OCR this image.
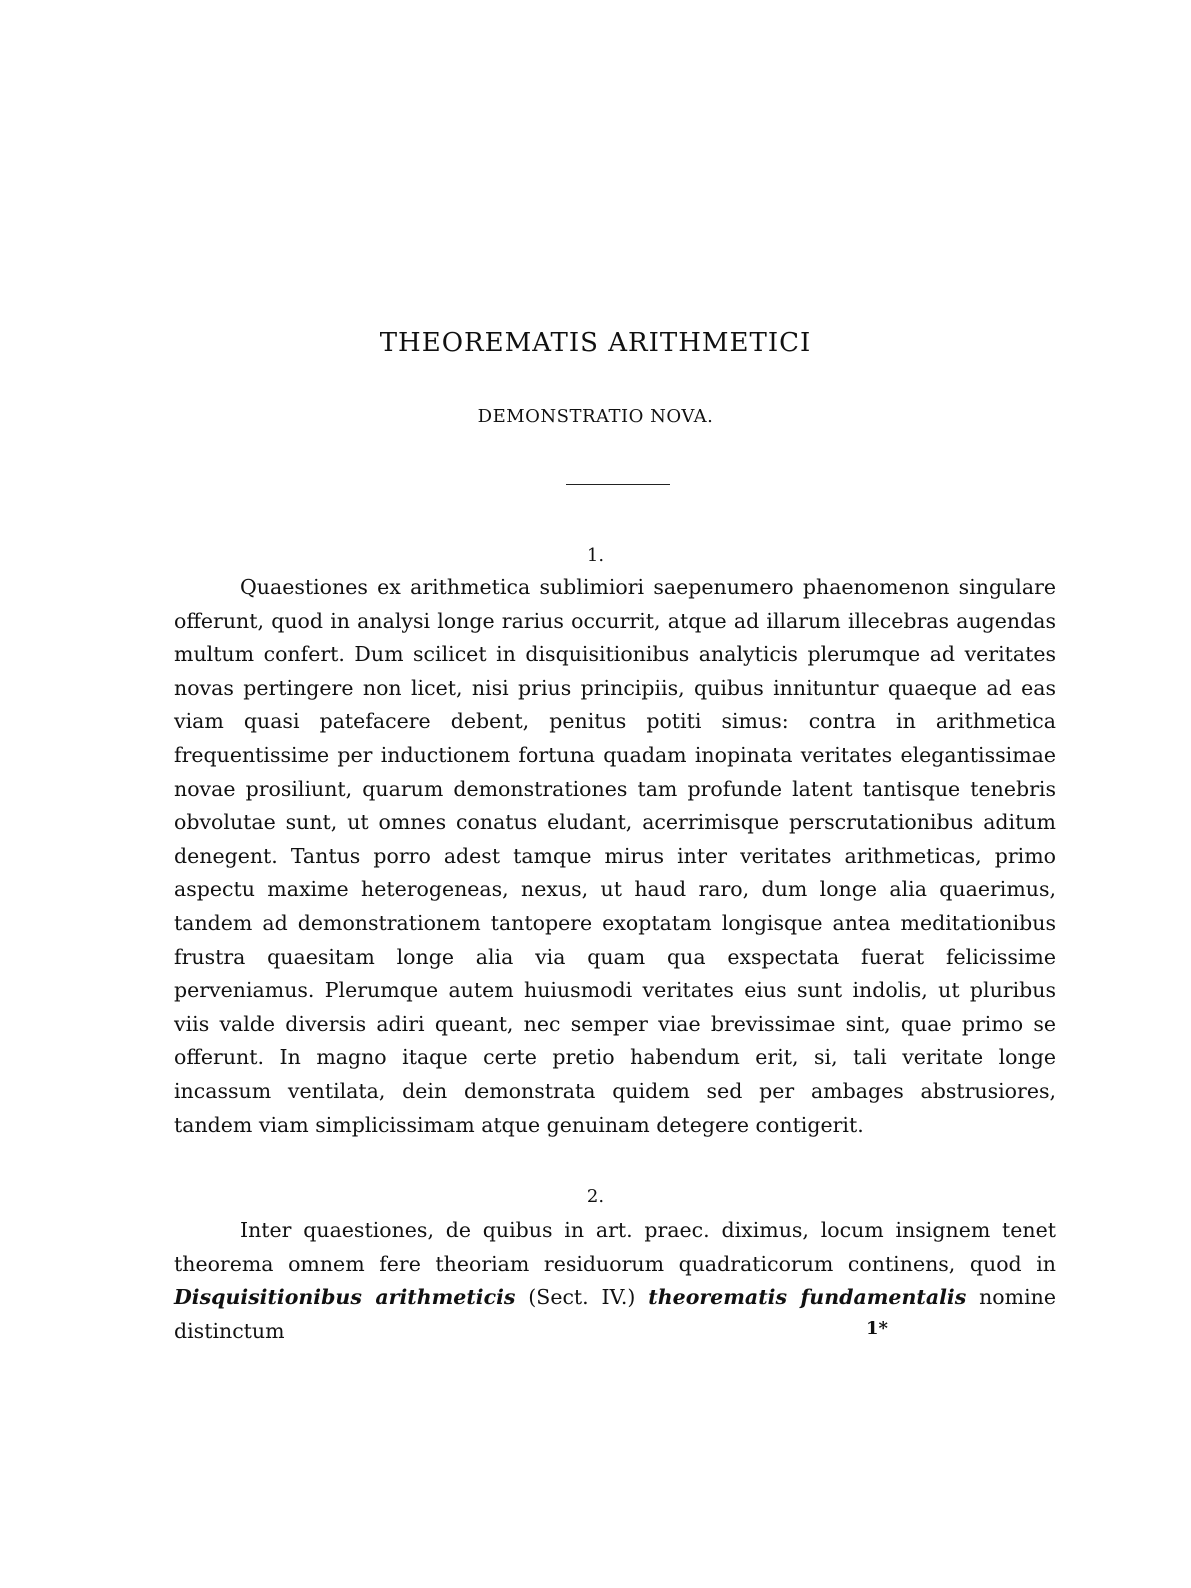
THEOREMATIS ARITHMETICI
DEMONSTRATIO NOVA.
1.

Quaestiones ex arithmetica sublimiori saepenumero phaenomenon singulare offerunt, quod in analysi longe rarius occurrit, atque ad illarum illecebras augendas multum confert. Dum scilicet in disquisitionibus analyticis plerumque ad veritates novas pertingere non licet, nisi prius principiis, quibus innituntur quaeque ad eas viam quasi patefacere debent, penitus potiti simus: contra in arithmetica frequentissime per inductionem fortuna quadam inopinata veritates elegantissimae novae prosiliunt, quarum demonstrationes tam profunde latent tantisque tenebris obvolutae sunt, ut omnes conatus eludant, acerrimisque perscrutationibus aditum denegent. Tantus porro adest tamque mirus inter veritates arithmeticas, primo aspectu maxime heterogeneas, nexus, ut haud raro, dum longe alia quaerimus, tandem ad demonstrationem tantopere exoptatam longisque antea meditationibus frustra quaesitam longe alia via quam qua exspectata fuerat felicissime perveniamus. Plerumque autem huiusmodi veritates eius sunt indolis, ut pluribus viis valde diversis adiri queant, nec semper viae brevissimae sint, quae primo se offerunt. In magno itaque certe pretio habendum erit, si, tali veritate longe incassum ventilata, dein demonstrata quidem sed per ambages abstrusiores, tandem viam simplicissimam atque genuinam detegere contigerit.

2.

Inter quaestiones, de quibus in art. praec. diximus, locum insignem tenet theorema omnem fere theoriam residuorum quadraticorum continens, quod in Disquisitionibus arithmeticis (Sect. IV.) theorematis fundamentalis nomine distinctum	1*
